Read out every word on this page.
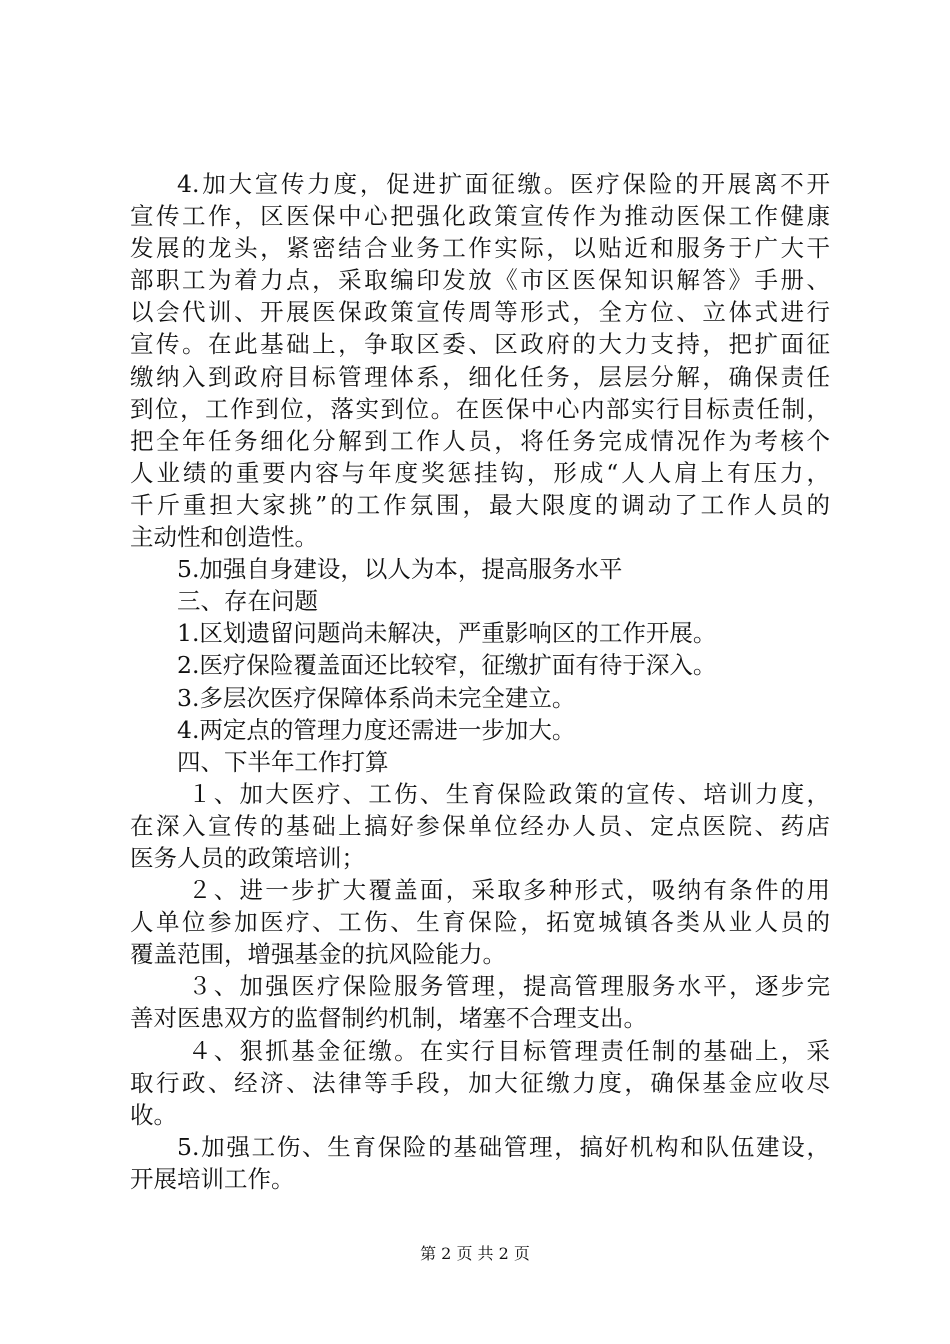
4.加大宣传力度，促进扩面征缴。医疗保险的开展离不开
宣传工作，区医保中心把强化政策宣传作为推动医保工作健康
发展的龙头，紧密结合业务工作实际，以贴近和服务于广大干
部职工为着力点，采取编印发放《市区医保知识解答》手册、
以会代训、开展医保政策宣传周等形式，全方位、立体式进行
宣传。在此基础上，争取区委、区政府的大力支持，把扩面征
缴纳入到政府目标管理体系，细化任务，层层分解，确保责任
到位，工作到位，落实到位。在医保中心内部实行目标责任制，
把全年任务细化分解到工作人员，将任务完成情况作为考核个
人业绩的重要内容与年度奖惩挂钩，形成“人人肩上有压力，
千斤重担大家挑”的工作氛围，最大限度的调动了工作人员的
主动性和创造性。
5.加强自身建设，以人为本，提高服务水平
三、存在问题
1.区划遗留问题尚未解决，严重影响区的工作开展。
2.医疗保险覆盖面还比较窄，征缴扩面有待于深入。
3.多层次医疗保障体系尚未完全建立。
4.两定点的管理力度还需进一步加大。
四、下半年工作打算
１、加大医疗、工伤、生育保险政策的宣传、培训力度，
在深入宣传的基础上搞好参保单位经办人员、定点医院、药店
医务人员的政策培训；
２、进一步扩大覆盖面，采取多种形式，吸纳有条件的用
人单位参加医疗、工伤、生育保险，拓宽城镇各类从业人员的
覆盖范围，增强基金的抗风险能力。
３、加强医疗保险服务管理，提高管理服务水平，逐步完
善对医患双方的监督制约机制，堵塞不合理支出。
４、狠抓基金征缴。在实行目标管理责任制的基础上，采
取行政、经济、法律等手段，加大征缴力度，确保基金应收尽
收。
5.加强工伤、生育保险的基础管理，搞好机构和队伍建设，
开展培训工作。
第 2 页 共 2 页
